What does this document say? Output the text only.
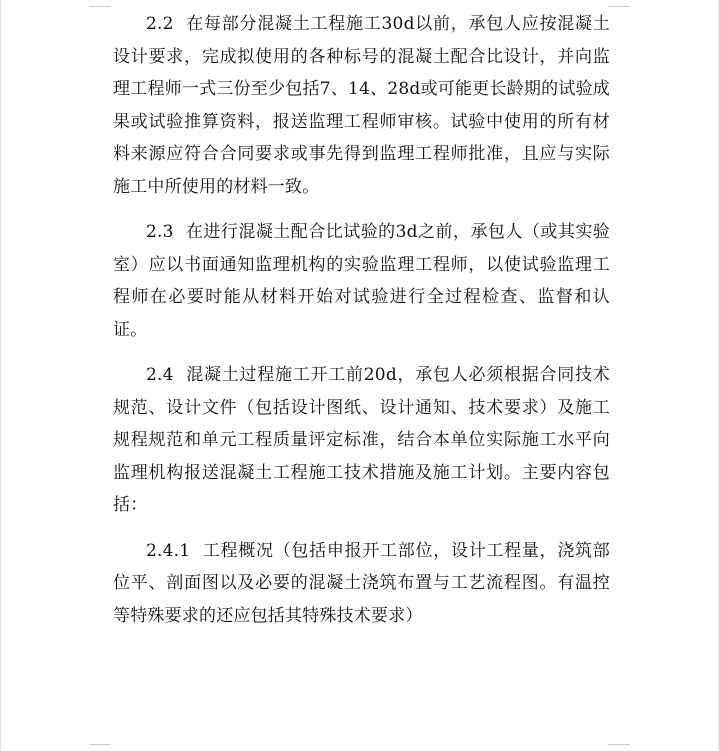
2.2 在每部分混凝土工程施工30d以前，承包人应按混凝土设计要求，完成拟使用的各种标号的混凝土配合比设计，并向监理工程师一式三份至少包括7、14、28d或可能更长龄期的试验成果或试验推算资料，报送监理工程师审核。试验中使用的所有材料来源应符合合同要求或事先得到监理工程师批准，且应与实际施工中所使用的材料一致。

2.3 在进行混凝土配合比试验的3d之前，承包人（或其实验室）应以书面通知监理机构的实验监理工程师，以使试验监理工程师在必要时能从材料开始对试验进行全过程检查、监督和认证。

2.4 混凝土过程施工开工前20d，承包人必须根据合同技术规范、设计文件（包括设计图纸、设计通知、技术要求）及施工规程规范和单元工程质量评定标准，结合本单位实际施工水平向监理机构报送混凝土工程施工技术措施及施工计划。主要内容包括：

2.4.1 工程概况（包括申报开工部位，设计工程量，浇筑部位平、剖面图以及必要的混凝土浇筑布置与工艺流程图。有温控等特殊要求的还应包括其特殊技术要求）
